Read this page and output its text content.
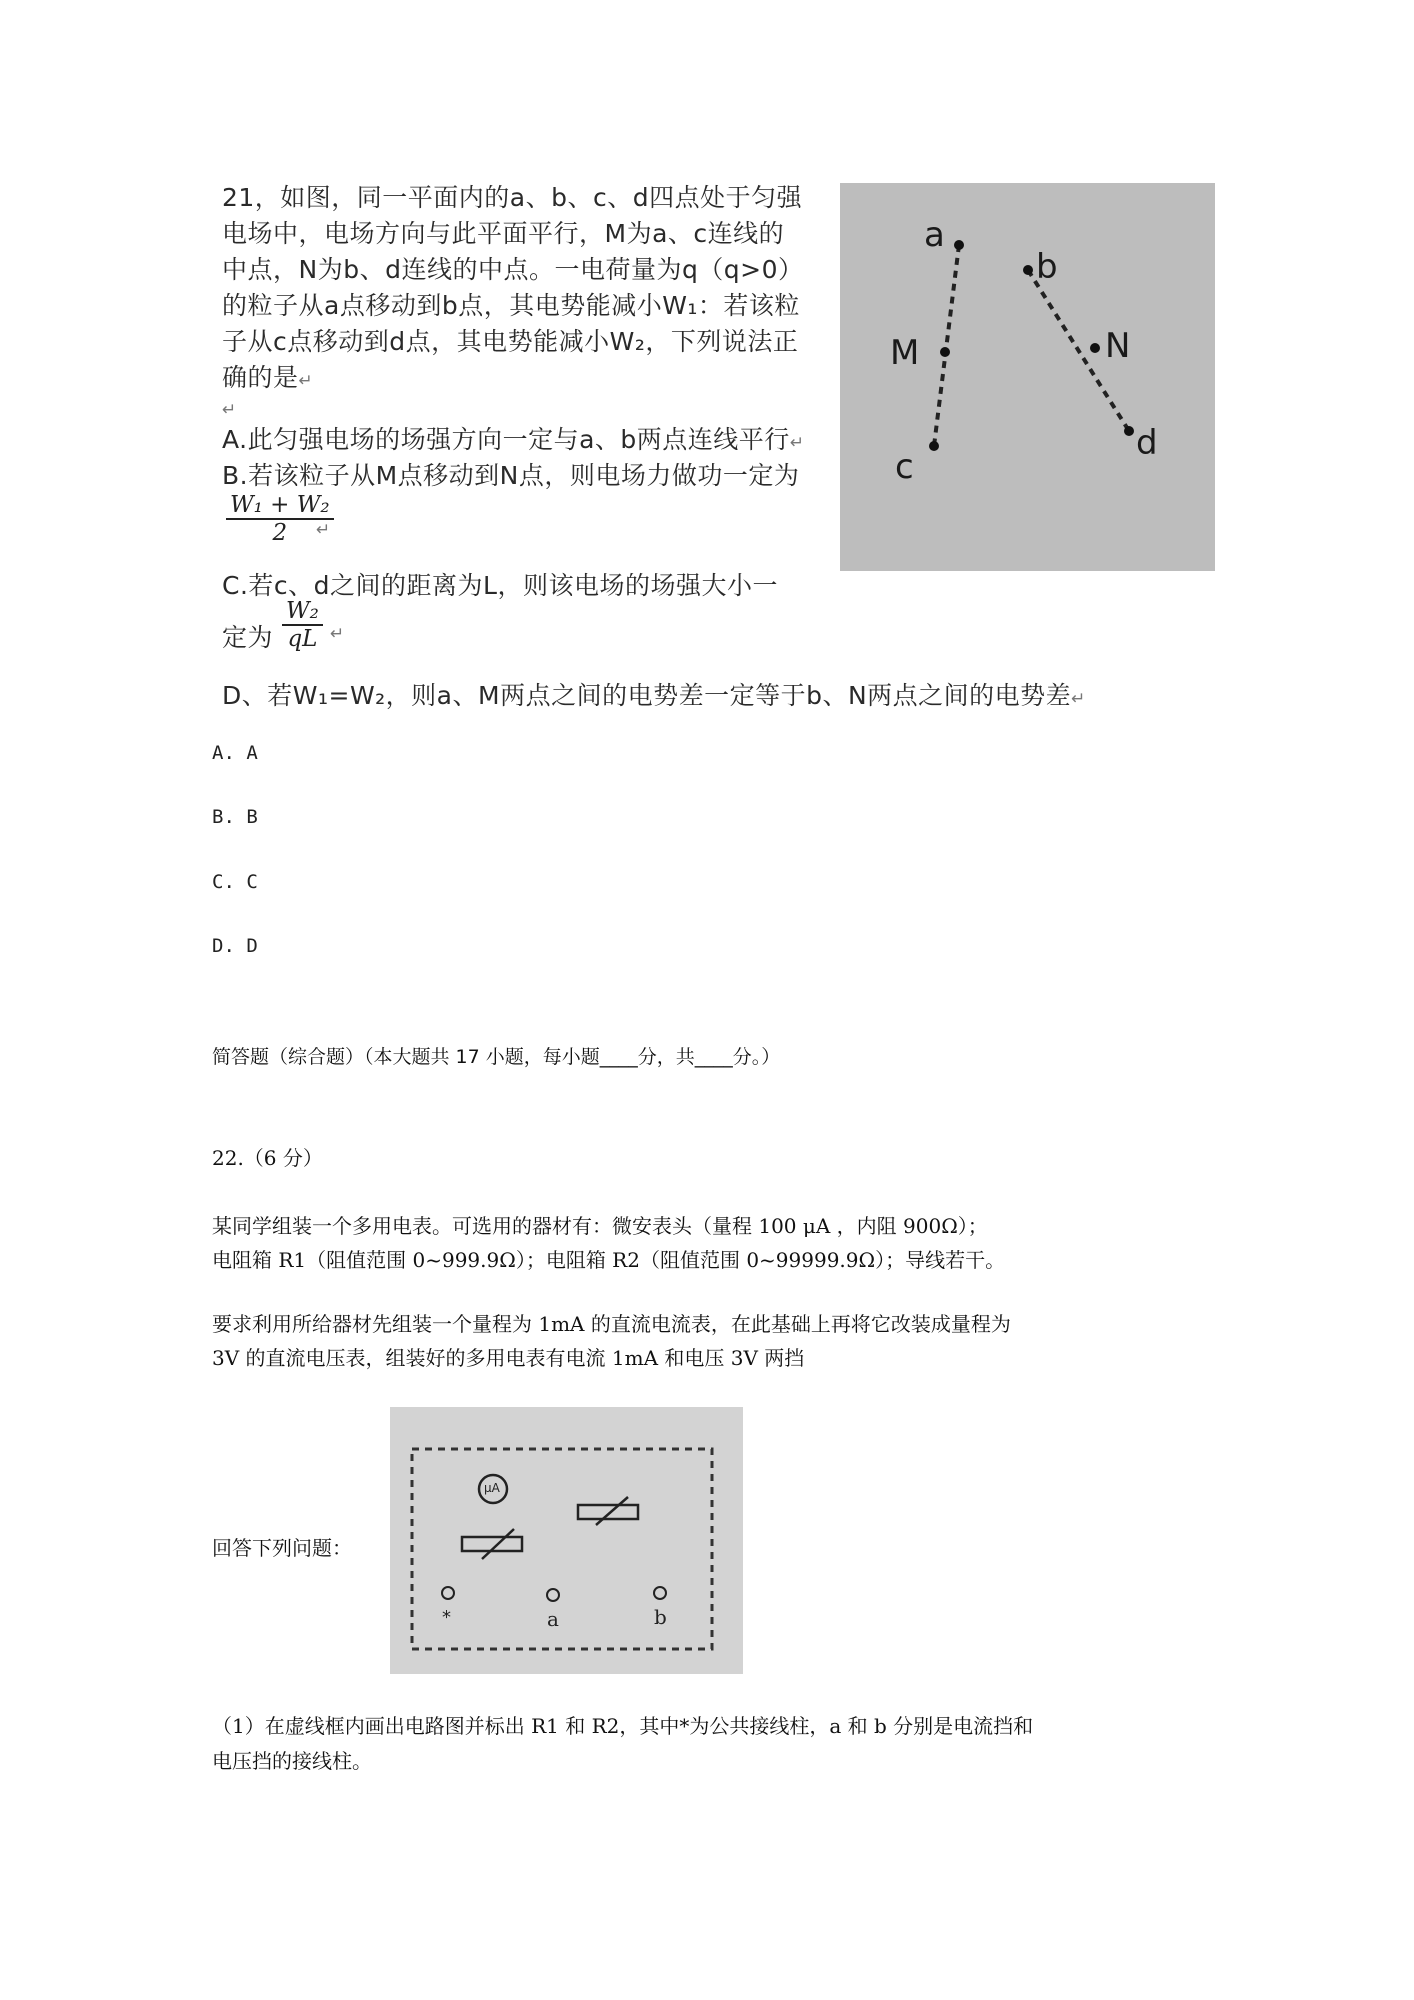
21，如图，同一平面内的a、b、c、d四点处于匀强
电场中，电场方向与此平面平行，M为a、c连线的
中点，N为b、d连线的中点。一电荷量为q（q>0）
的粒子从a点移动到b点，其电势能减小W₁：若该粒
子从c点移动到d点，其电势能减小W₂，下列说法正
确的是↵
↵
A.此匀强电场的场强方向一定与a、b两点连线平行↵
B.若该粒子从M点移动到N点，则电场力做功一定为
$\frac{\text{W₁ + W₂}}{2}$
↵
C.若c、d之间的距离为L，则该电场的场强大小一
定为 $\frac{\text{W₂}}{qL}$ ↵
D、若W₁=W₂，则a、M两点之间的电势差一定等于b、N两点之间的电势差↵
a
M
c
b
N
d
A. A
B. B
C. C
D. D
简答题（综合题）（本大题共 17 小题，每小题____分，共____分。）
22.（6 分）
某同学组装一个多用电表。可选用的器材有：微安表头（量程 100 μA ，内阻 900Ω）；
电阻箱 R1（阻值范围 0~999.9Ω）；电阻箱 R2（阻值范围 0~99999.9Ω）；导线若干。
要求利用所给器材先组装一个量程为 1mA 的直流电流表，在此基础上再将它改装成量程为
3V 的直流电压表，组装好的多用电表有电流 1mA 和电压 3V 两挡
回答下列问题：
μA
*	a	b
（1）在虚线框内画出电路图并标出 R1 和 R2，其中*为公共接线柱，a 和 b 分别是电流挡和
电压挡的接线柱。
